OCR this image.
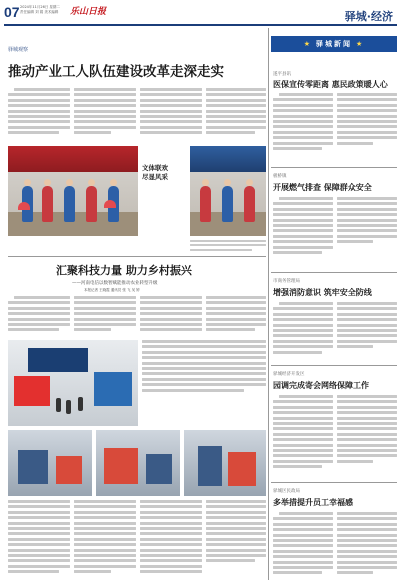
07 2024年11月26日 星期二
责任编辑 刘 娟 美术编辑 乐山日报	驿城·经济
驿城观察
推动产业工人队伍建设改革走深走实
文体联欢
尽显风采
汇聚科技力量 助力乡村振兴
——河南电信以数智赋能推动农业转型升级
本报记者 王晓霞 通讯员 张 飞 吴 婷
★ 驿城新闻 ★
遂平县讯
医保宣传零距离 惠民政策暖人心
板桥镇
开展燃气排查 保障群众安全
市商务管理局
增强消防意识 筑牢安全防线
驿城经济开发区
园调完成寄会网络保障工作
驿城区民政局
多举措提升员工幸福感
